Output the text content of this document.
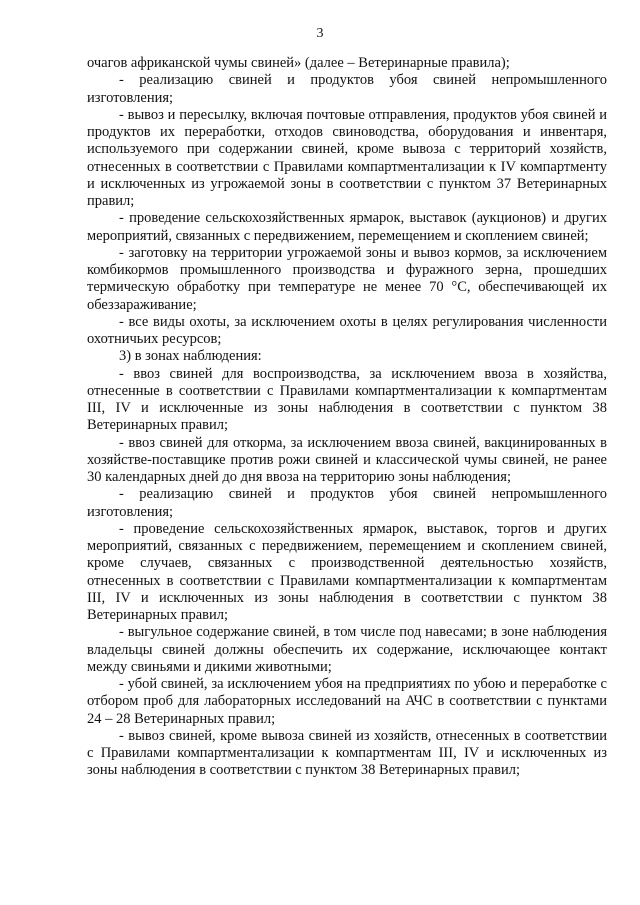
3

очагов африканской чумы свиней» (далее – Ветеринарные правила);

- реализацию свиней и продуктов убоя свиней непромышленного изготовления;

- вывоз и пересылку, включая почтовые отправления, продуктов убоя свиней и продуктов их переработки, отходов свиноводства, оборудования и инвентаря, используемого при содержании свиней, кроме вывоза с территорий хозяйств, отнесенных в соответствии с Правилами компартментализации к IV компартменту и исключенных из угрожаемой зоны в соответствии с пунктом 37 Ветеринарных правил;

- проведение сельскохозяйственных ярмарок, выставок (аукционов) и других мероприятий, связанных с передвижением, перемещением и скоплением свиней;

- заготовку на территории угрожаемой зоны и вывоз кормов, за исключением комбикормов промышленного производства и фуражного зерна, прошедших термическую обработку при температуре не менее 70 °С, обеспечивающей их обеззараживание;

- все виды охоты, за исключением охоты в целях регулирования численности охотничьих ресурсов;

3) в зонах наблюдения:

- ввоз свиней для воспроизводства, за исключением ввоза в хозяйства, отнесенные в соответствии с Правилами компартментализации к компартментам III, IV и исключенные из зоны наблюдения в соответствии с пунктом 38 Ветеринарных правил;

- ввоз свиней для откорма, за исключением ввоза свиней, вакцинированных в хозяйстве-поставщике против рожи свиней и классической чумы свиней, не ранее 30 календарных дней до дня ввоза на территорию зоны наблюдения;

- реализацию свиней и продуктов убоя свиней непромышленного изготовления;

- проведение сельскохозяйственных ярмарок, выставок, торгов и других мероприятий, связанных с передвижением, перемещением и скоплением свиней, кроме случаев, связанных с производственной деятельностью хозяйств, отнесенных в соответствии с Правилами компартментализации к компартментам III, IV и исключенных из зоны наблюдения в соответствии с пунктом 38 Ветеринарных правил;

- выгульное содержание свиней, в том числе под навесами; в зоне наблюдения владельцы свиней должны обеспечить их содержание, исключающее контакт между свиньями и дикими животными;

- убой свиней, за исключением убоя на предприятиях по убою и переработке с отбором проб для лабораторных исследований на АЧС в соответствии с пунктами 24 – 28 Ветеринарных правил;

- вывоз свиней, кроме вывоза свиней из хозяйств, отнесенных в соответствии с Правилами компартментализации к компартментам III, IV и исключенных из зоны наблюдения в соответствии с пунктом 38 Ветеринарных правил;
